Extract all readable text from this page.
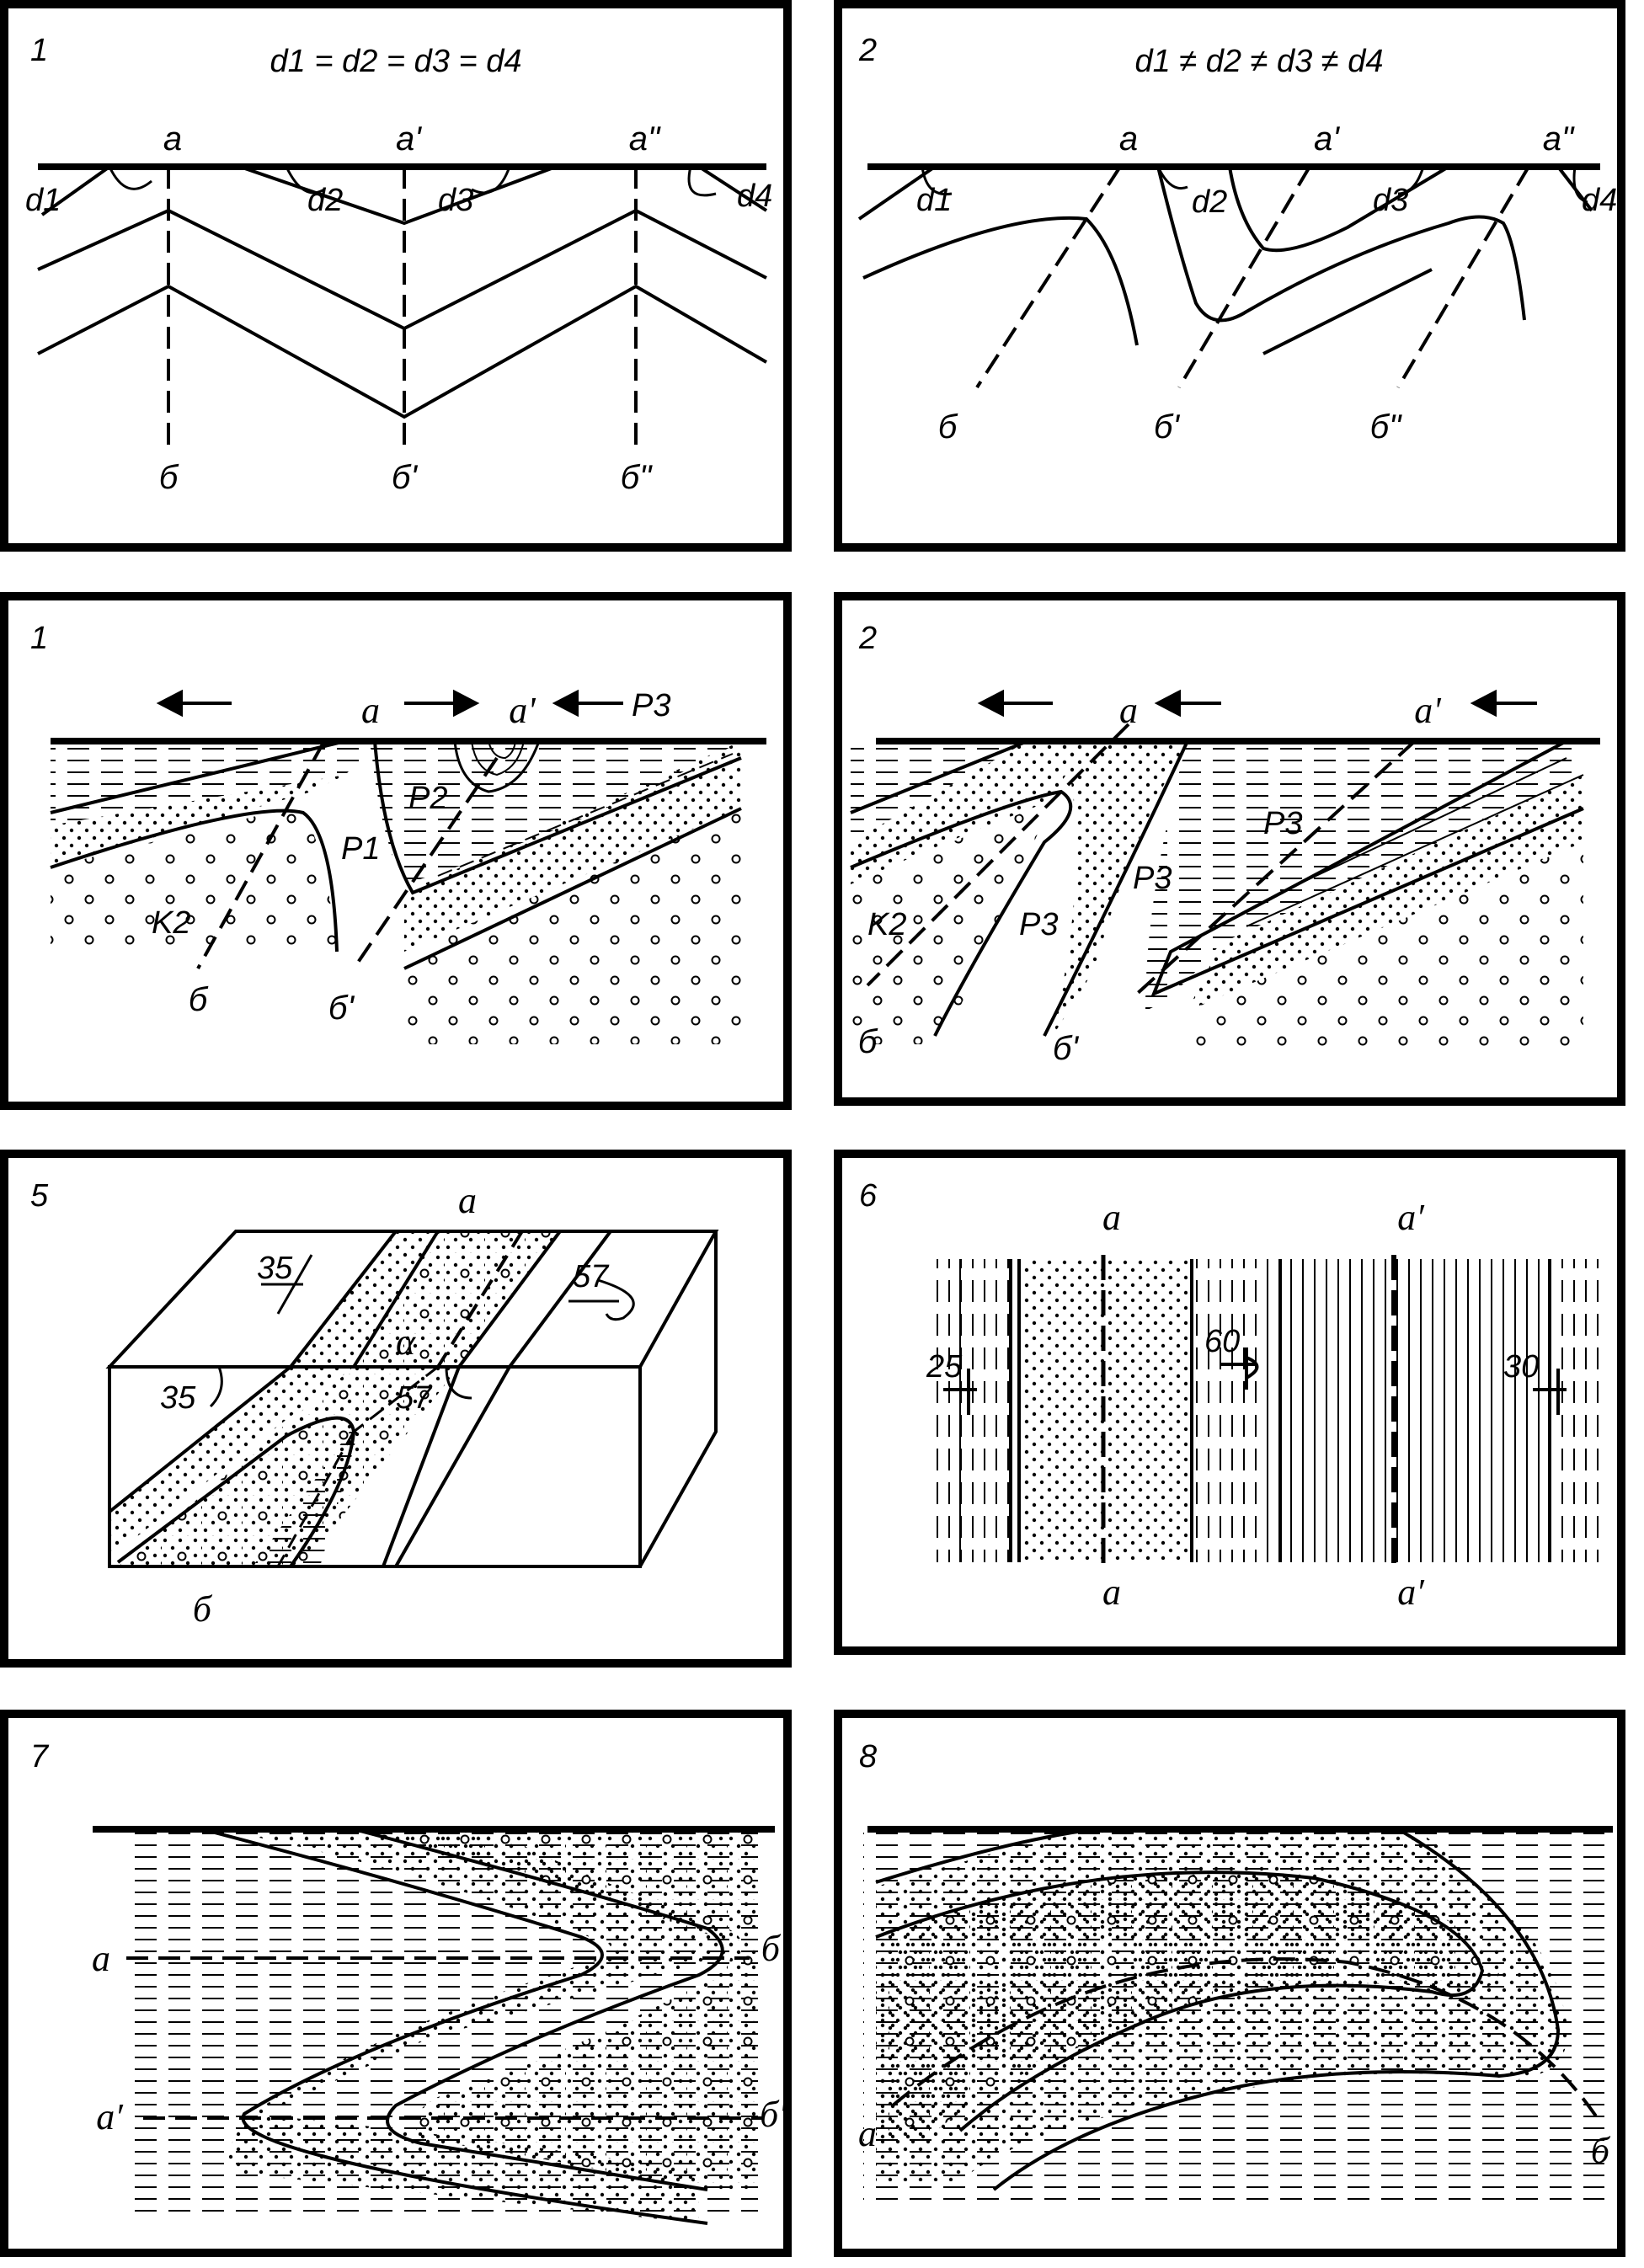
1	d1 = d2 = d3 = d4
a	a'	a"
б	б'	б"
d1	d2	d3	d4
2	d1 ≠ d2 ≠ d3 ≠ d4
a	a'	a"
б	б'	б"
d1	d2	d3	d4
1
a	a'
б	б'
P3
P2
P1
K2
2
a	a'
б	б'
P3
P3
P3
K2
5	a
б
35	57
35	57
α
6
a	a′
a	a′
25
60
30
7
a
a′
б
б′
8
a	б
